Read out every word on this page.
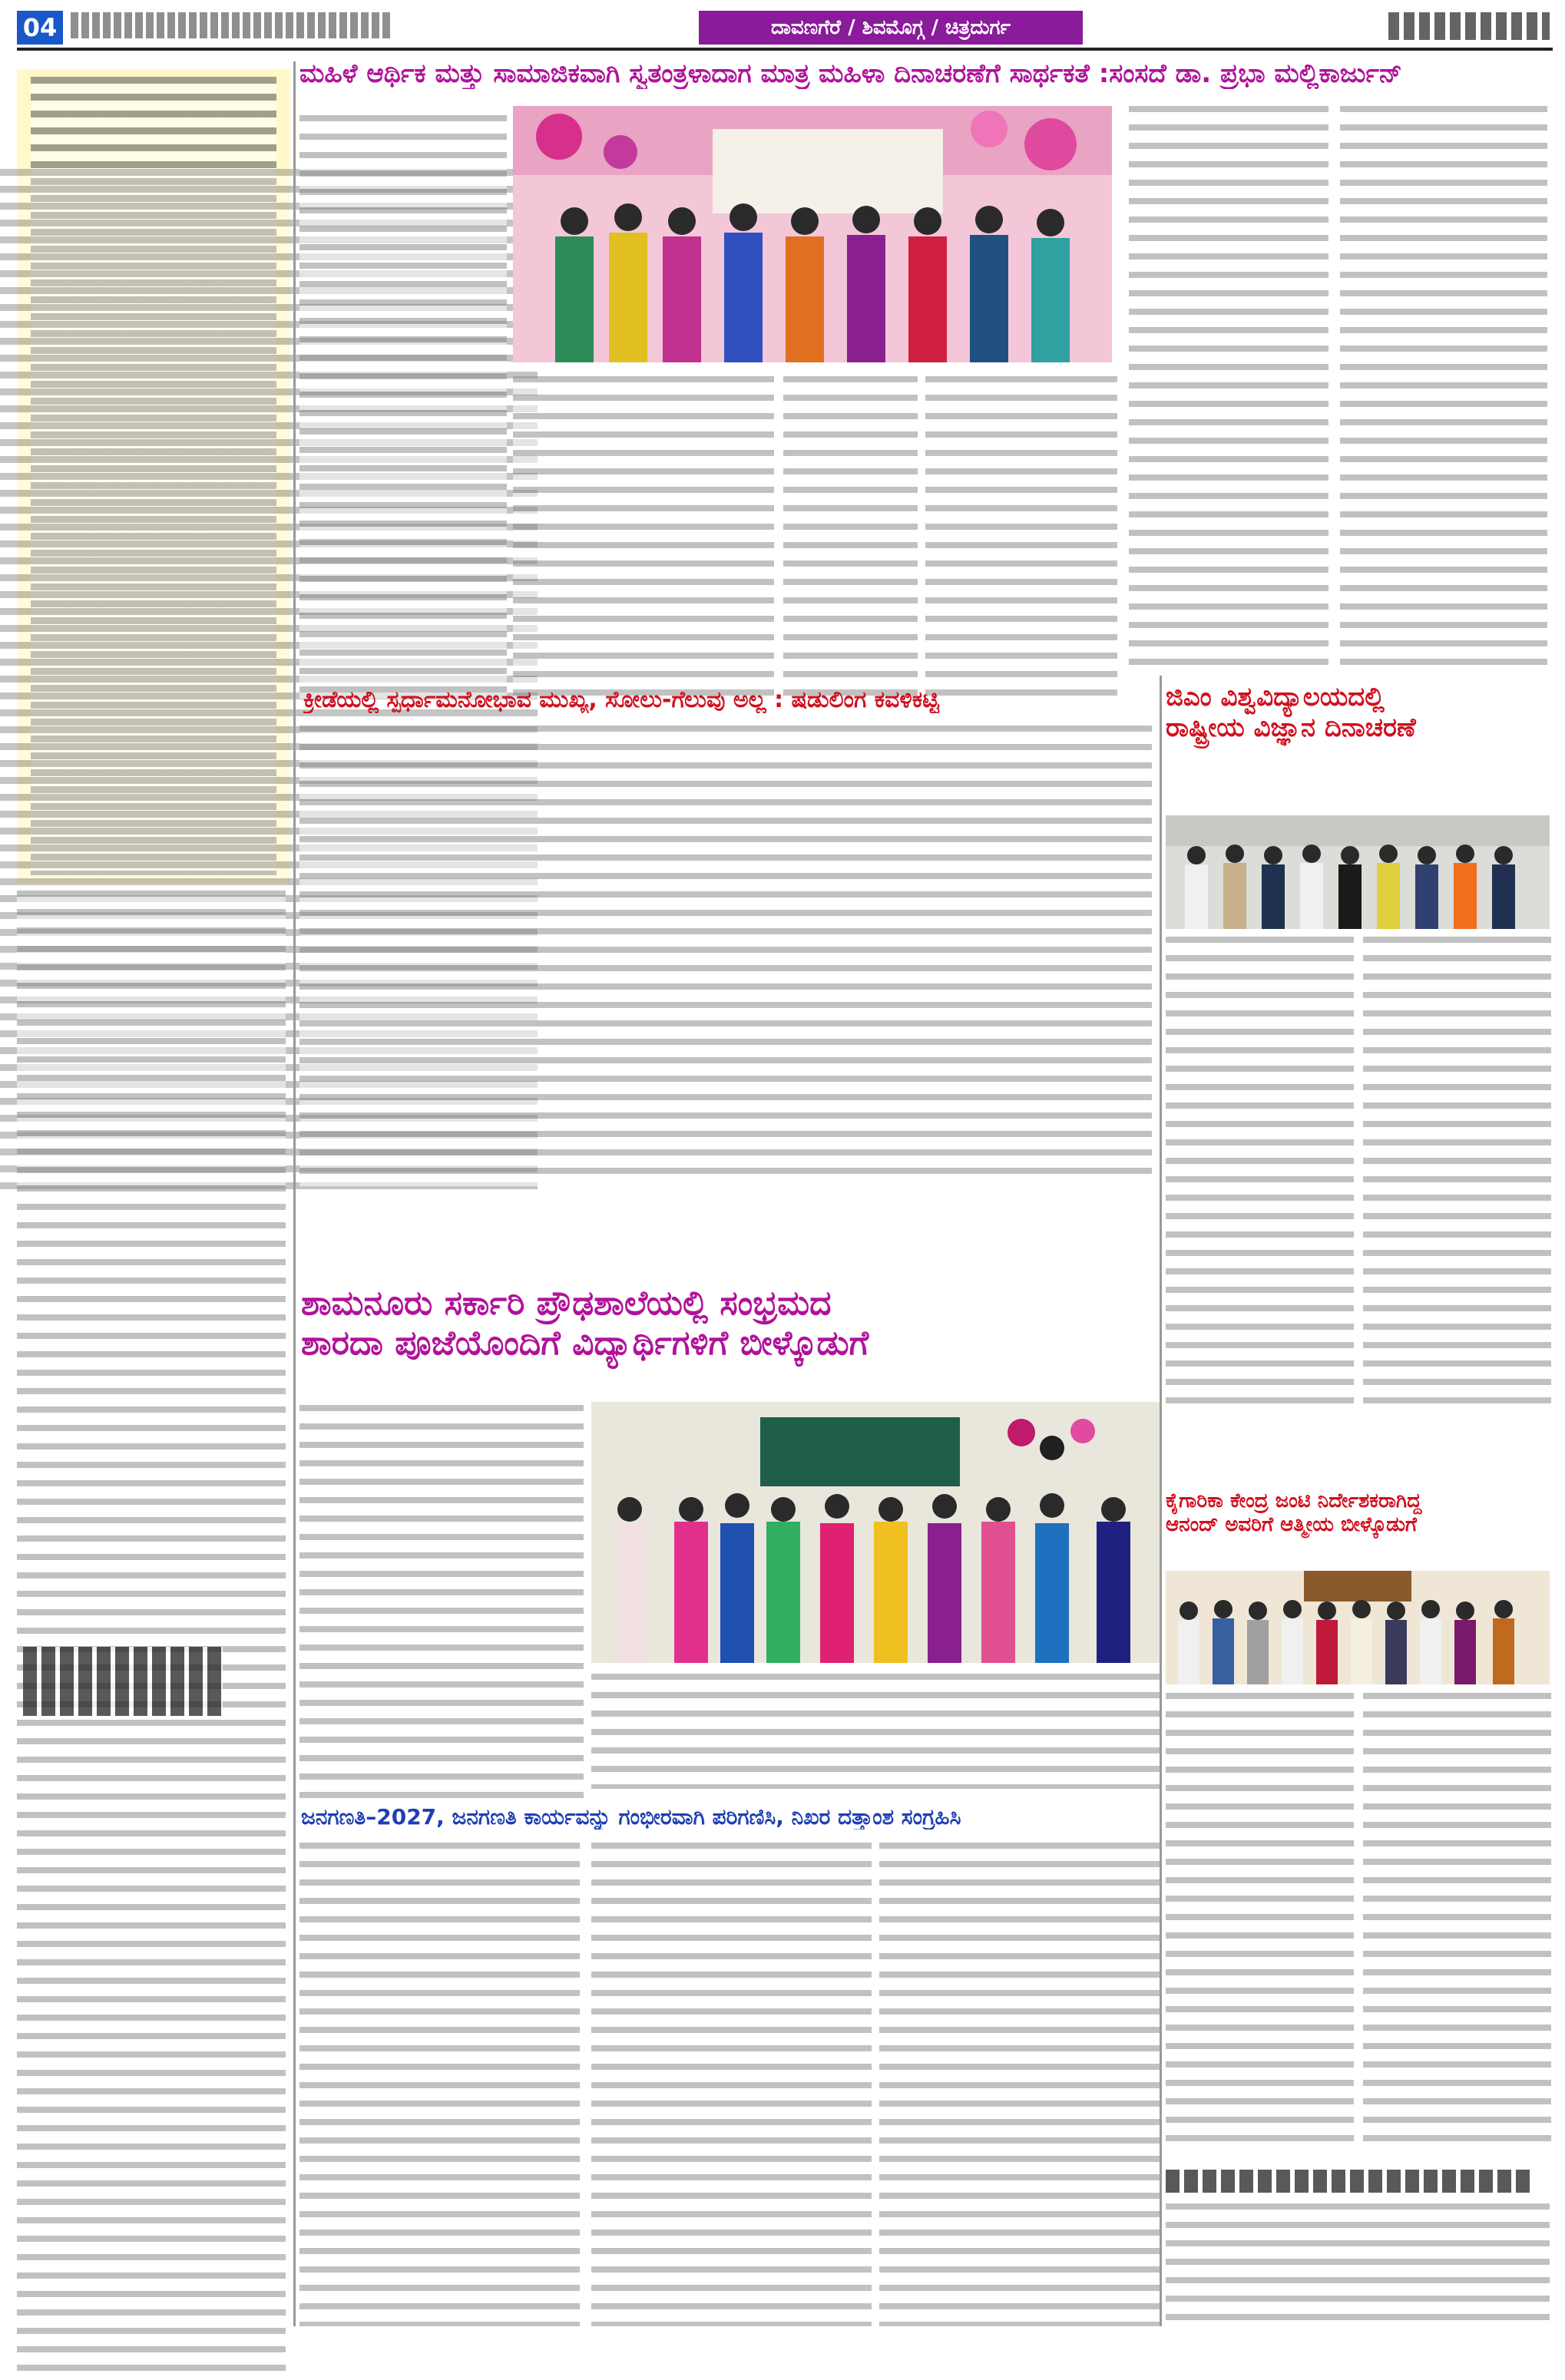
04	ದಾವಣಗೆರೆ / ಶಿವಮೊಗ್ಗ / ಚಿತ್ರದುರ್ಗ
ಮಹಿಳೆ ಆರ್ಥಿಕ ಮತ್ತು ಸಾಮಾಜಿಕವಾಗಿ ಸ್ವತಂತ್ರಳಾದಾಗ ಮಾತ್ರ ಮಹಿಳಾ ದಿನಾಚರಣೆಗೆ ಸಾರ್ಥಕತೆ :ಸಂಸದೆ ಡಾ. ಪ್ರಭಾ ಮಲ್ಲಿಕಾರ್ಜುನ್
ಕ್ರೀಡೆಯಲ್ಲಿ ಸ್ಪರ್ಧಾಮನೋಭಾವ ಮುಖ್ಯ, ಸೋಲು-ಗೆಲುವು ಅಲ್ಲ : ಷಡುಲಿಂಗ ಕವಳಿಕಟ್ಟಿ	ಜಿಎಂ ವಿಶ್ವವಿದ್ಯಾಲಯದಲ್ಲಿ
ರಾಷ್ಟ್ರೀಯ ವಿಜ್ಞಾನ ದಿನಾಚರಣೆ
ಶಾಮನೂರು ಸರ್ಕಾರಿ ಪ್ರೌಢಶಾಲೆಯಲ್ಲಿ ಸಂಭ್ರಮದ
ಶಾರದಾ ಪೂಜೆಯೊಂದಿಗೆ ವಿದ್ಯಾರ್ಥಿಗಳಿಗೆ ಬೀಳ್ಕೊಡುಗೆ
ಜನಗಣತಿ–2027, ಜನಗಣತಿ ಕಾರ್ಯವನ್ನು ಗಂಭೀರವಾಗಿ ಪರಿಗಣಿಸಿ, ನಿಖರ ದತ್ತಾಂಶ ಸಂಗ್ರಹಿಸಿ
ಕೈಗಾರಿಕಾ ಕೇಂದ್ರ ಜಂಟಿ ನಿರ್ದೇಶಕರಾಗಿದ್ದ
ಆನಂದ್ ಅವರಿಗೆ ಆತ್ಮೀಯ ಬೀಳ್ಕೊಡುಗೆ
